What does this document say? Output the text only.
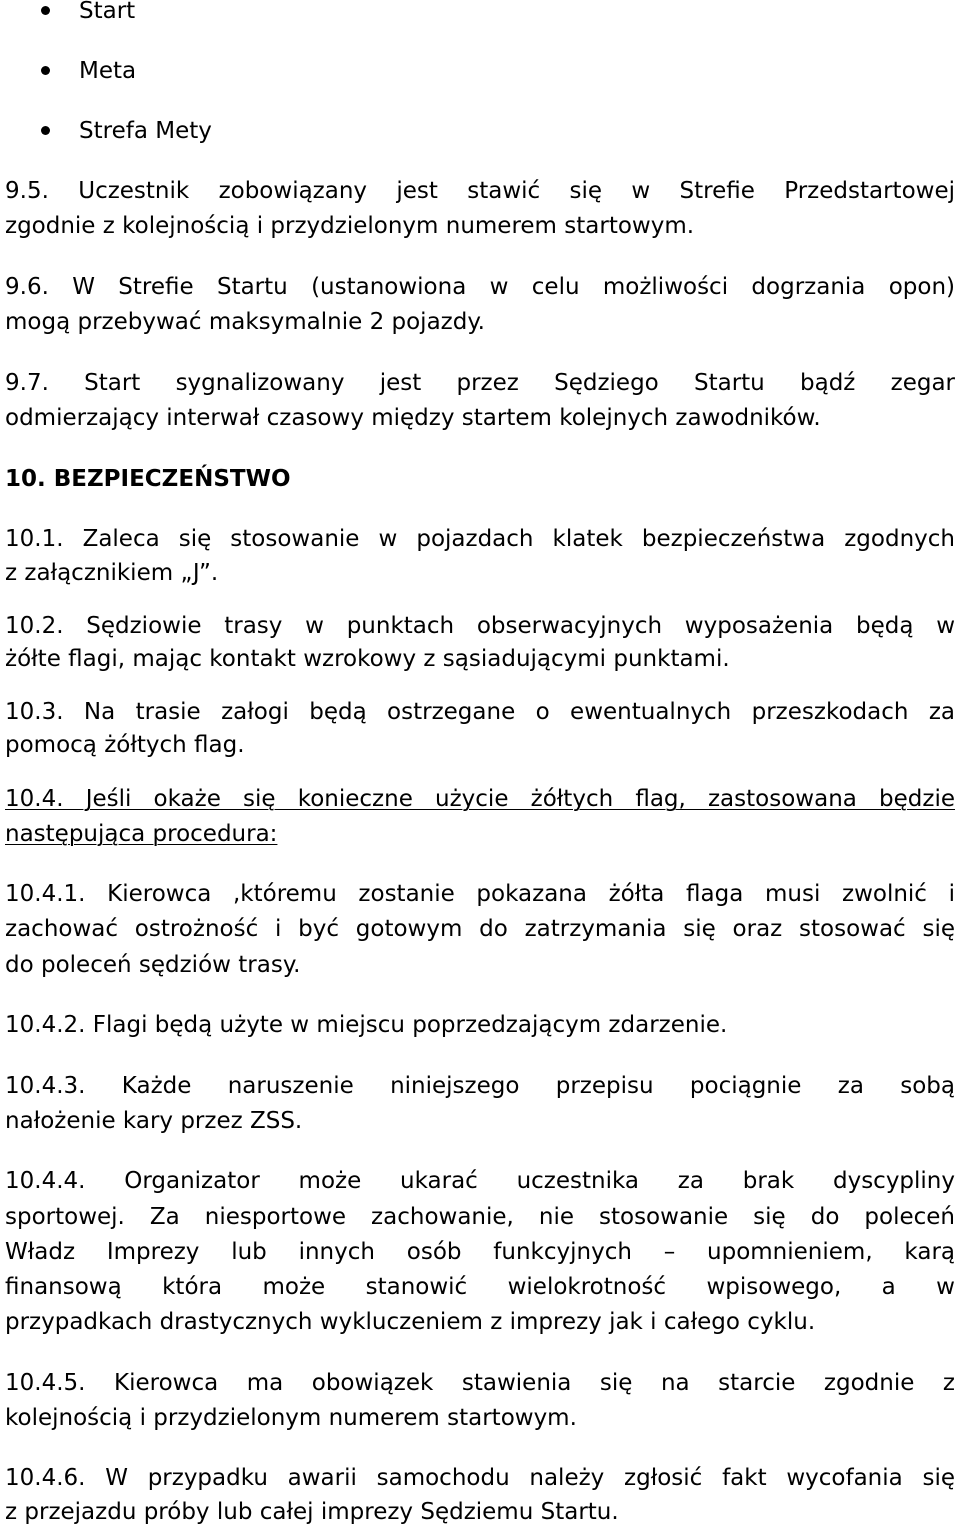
Start
Meta
Strefa Mety
9.5. Uczestnik zobowiązany jest stawić się w Strefie Przedstartowej
zgodnie z kolejnością i przydzielonym numerem startowym.
9.6. W Strefie Startu (ustanowiona w celu możliwości dogrzania opon)
mogą przebywać maksymalnie 2 pojazdy.
9.7. Start sygnalizowany jest przez Sędziego Startu bądź zegar
odmierzający interwał czasowy między startem kolejnych zawodników.
10. BEZPIECZEŃSTWO
10.1. Zaleca się stosowanie w pojazdach klatek bezpieczeństwa zgodnych
z załącznikiem „J”.
10.2. Sędziowie trasy w punktach obserwacyjnych wyposażenia będą w
żółte flagi, mając kontakt wzrokowy z sąsiadującymi punktami.
10.3. Na trasie załogi będą ostrzegane o ewentualnych przeszkodach za
pomocą żółtych flag.
10.4. Jeśli okaże się konieczne użycie żółtych flag, zastosowana będzie
następująca procedura:
10.4.1. Kierowca ,któremu zostanie pokazana żółta flaga musi zwolnić i
zachować ostrożność i być gotowym do zatrzymania się oraz stosować się
do poleceń sędziów trasy.
10.4.2. Flagi będą użyte w miejscu poprzedzającym zdarzenie.
10.4.3. Każde naruszenie niniejszego przepisu pociągnie za sobą
nałożenie kary przez ZSS.
10.4.4. Organizator może ukarać uczestnika za brak dyscypliny
sportowej. Za niesportowe zachowanie, nie stosowanie się do poleceń
Władz Imprezy lub innych osób funkcyjnych – upomnieniem, karą
finansową która może stanowić wielokrotność wpisowego, a w
przypadkach drastycznych wykluczeniem z imprezy jak i całego cyklu.
10.4.5. Kierowca ma obowiązek stawienia się na starcie zgodnie z
kolejnością i przydzielonym numerem startowym.
10.4.6. W przypadku awarii samochodu należy zgłosić fakt wycofania się
z przejazdu próby lub całej imprezy Sędziemu Startu.
